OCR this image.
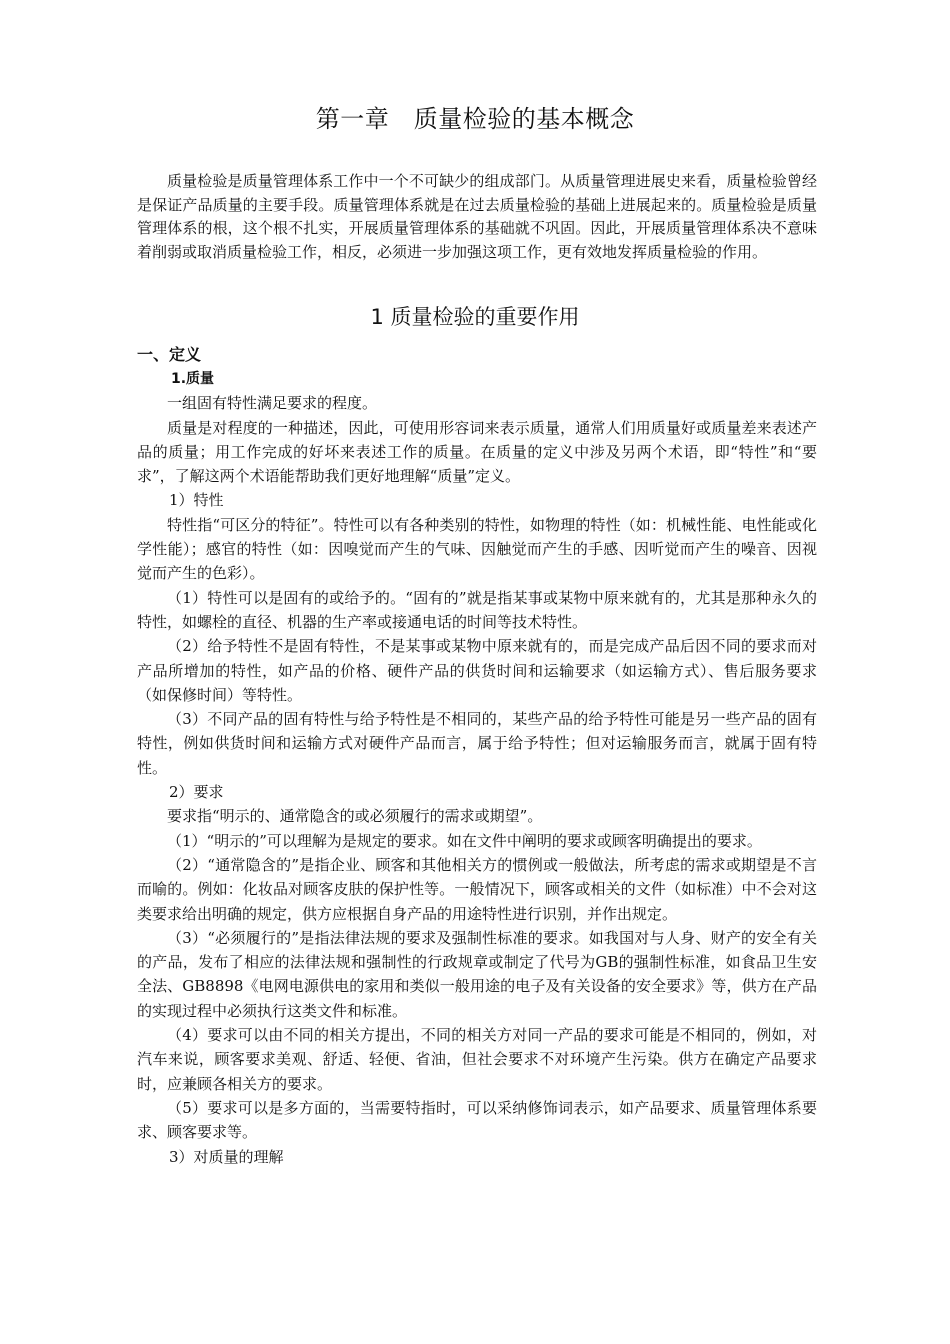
第一章　质量检验的基本概念

质量检验是质量管理体系工作中一个不可缺少的组成部门。从质量管理进展史来看，质量检验曾经是保证产品质量的主要手段。质量管理体系就是在过去质量检验的基础上进展起来的。质量检验是质量管理体系的根，这个根不扎实，开展质量管理体系的基础就不巩固。因此，开展质量管理体系决不意味着削弱或取消质量检验工作，相反，必须进一步加强这项工作，更有效地发挥质量检验的作用。

1 质量检验的重要作用

一、定义

1.质量

一组固有特性满足要求的程度。

质量是对程度的一种描述，因此，可使用形容词来表示质量，通常人们用质量好或质量差来表述产品的质量；用工作完成的好坏来表述工作的质量。在质量的定义中涉及另两个术语，即“特性”和“要求”，了解这两个术语能帮助我们更好地理解“质量”定义。

1）特性

特性指“可区分的特征”。特性可以有各种类别的特性，如物理的特性（如：机械性能、电性能或化学性能）；感官的特性（如：因嗅觉而产生的气味、因触觉而产生的手感、因听觉而产生的噪音、因视觉而产生的色彩）。

（1）特性可以是固有的或给予的。“固有的”就是指某事或某物中原来就有的，尤其是那种永久的特性，如螺栓的直径、机器的生产率或接通电话的时间等技术特性。

（2）给予特性不是固有特性，不是某事或某物中原来就有的，而是完成产品后因不同的要求而对产品所增加的特性，如产品的价格、硬件产品的供货时间和运输要求（如运输方式）、售后服务要求（如保修时间）等特性。

（3）不同产品的固有特性与给予特性是不相同的，某些产品的给予特性可能是另一些产品的固有特性，例如供货时间和运输方式对硬件产品而言，属于给予特性；但对运输服务而言，就属于固有特性。

2）要求

要求指“明示的、通常隐含的或必须履行的需求或期望”。

（1）“明示的”可以理解为是规定的要求。如在文件中阐明的要求或顾客明确提出的要求。

（2）“通常隐含的”是指企业、顾客和其他相关方的惯例或一般做法，所考虑的需求或期望是不言而喻的。例如：化妆品对顾客皮肤的保护性等。一般情况下，顾客或相关的文件（如标准）中不会对这类要求给出明确的规定，供方应根据自身产品的用途特性进行识别，并作出规定。

（3）“必须履行的”是指法律法规的要求及强制性标准的要求。如我国对与人身、财产的安全有关的产品，发布了相应的法律法规和强制性的行政规章或制定了代号为GB的强制性标准，如食品卫生安全法、GB8898《电网电源供电的家用和类似一般用途的电子及有关设备的安全要求》等，供方在产品的实现过程中必须执行这类文件和标准。

（4）要求可以由不同的相关方提出，不同的相关方对同一产品的要求可能是不相同的，例如，对汽车来说，顾客要求美观、舒适、轻便、省油，但社会要求不对环境产生污染。供方在确定产品要求时，应兼顾各相关方的要求。

（5）要求可以是多方面的，当需要特指时，可以采纳修饰词表示，如产品要求、质量管理体系要求、顾客要求等。

3）对质量的理解
